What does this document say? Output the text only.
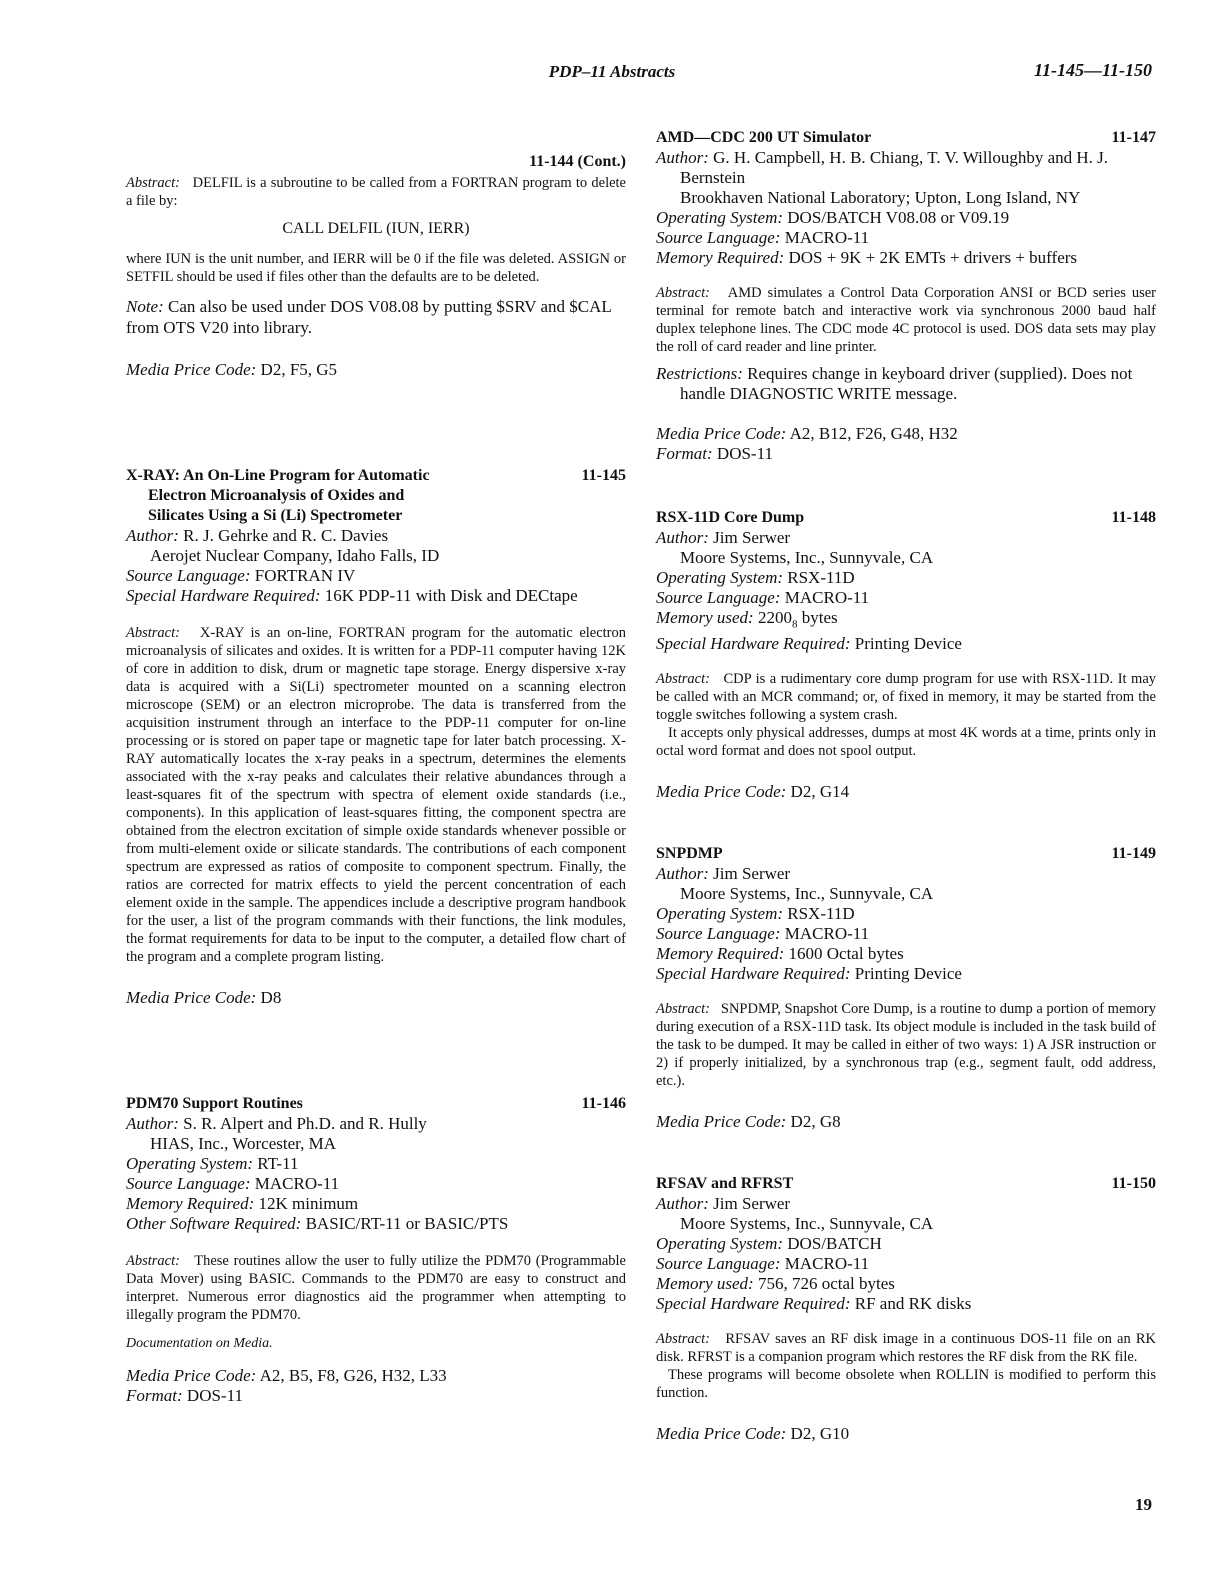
PDP–11 Abstracts	11-145—11-150
11-144 (Cont.)

Abstract: DELFIL is a subroutine to be called from a FORTRAN program to delete a file by:

CALL DELFIL (IUN, IERR)

where IUN is the unit number, and IERR will be 0 if the file was deleted. ASSIGN or SETFIL should be used if files other than the defaults are to be deleted.

Note: Can also be used under DOS V08.08 by putting $SRV and $CAL from OTS V20 into library.
Media Price Code: D2, F5, G5
X-RAY: An On-Line Program for Automatic
Electron Microanalysis of Oxides and
Silicates Using a Si (Li) Spectrometer
11-145
Author: R. J. Gehrke and R. C. Davies
Aerojet Nuclear Company, Idaho Falls, ID
Source Language: FORTRAN IV
Special Hardware Required: 16K PDP-11 with Disk and DECtape

Abstract: X-RAY is an on-line, FORTRAN program for the automatic electron microanalysis of silicates and oxides. It is written for a PDP-11 computer having 12K of core in addition to disk, drum or magnetic tape storage. Energy dispersive x-ray data is acquired with a Si(Li) spectrometer mounted on a scanning electron microscope (SEM) or an electron microprobe. The data is transferred from the acquisition instrument through an interface to the PDP-11 computer for on-line processing or is stored on paper tape or magnetic tape for later batch processing. X-RAY automatically locates the x-ray peaks in a spectrum, determines the elements associated with the x-ray peaks and calculates their relative abundances through a least-squares fit of the spectrum with spectra of element oxide standards (i.e., components). In this application of least-squares fitting, the component spectra are obtained from the electron excitation of simple oxide standards whenever possible or from multi-element oxide or silicate standards. The contributions of each component spectrum are expressed as ratios of composite to component spectrum. Finally, the ratios are corrected for matrix effects to yield the percent concentration of each element oxide in the sample. The appendices include a descriptive program handbook for the user, a list of the program commands with their functions, the link modules, the format requirements for data to be input to the computer, a detailed flow chart of the program and a complete program listing.

Media Price Code: D8
PDM70 Support Routines	11-146
Author: S. R. Alpert and Ph.D. and R. Hully
HIAS, Inc., Worcester, MA
Operating System: RT-11
Source Language: MACRO-11
Memory Required: 12K minimum
Other Software Required: BASIC/RT-11 or BASIC/PTS

Abstract: These routines allow the user to fully utilize the PDM70 (Programmable Data Mover) using BASIC. Commands to the PDM70 are easy to construct and interpret. Numerous error diagnostics aid the programmer when attempting to illegally program the PDM70.

Documentation on Media.
Media Price Code: A2, B5, F8, G26, H32, L33
Format: DOS-11
AMD—CDC 200 UT Simulator	11-147
Author: G. H. Campbell, H. B. Chiang, T. V. Willoughby and H. J. Bernstein
Brookhaven National Laboratory; Upton, Long Island, NY
Operating System: DOS/BATCH V08.08 or V09.19
Source Language: MACRO-11
Memory Required: DOS + 9K + 2K EMTs + drivers + buffers

Abstract: AMD simulates a Control Data Corporation ANSI or BCD series user terminal for remote batch and interactive work via synchronous 2000 baud half duplex telephone lines. The CDC mode 4C protocol is used. DOS data sets may play the roll of card reader and line printer.

Restrictions: Requires change in keyboard driver (supplied). Does not handle DIAGNOSTIC WRITE message.
Media Price Code: A2, B12, F26, G48, H32
Format: DOS-11
RSX-11D Core Dump	11-148
Author: Jim Serwer
Moore Systems, Inc., Sunnyvale, CA
Operating System: RSX-11D
Source Language: MACRO-11
Memory used: $2200_8$ bytes
Special Hardware Required: Printing Device

Abstract: CDP is a rudimentary core dump program for use with RSX-11D. It may be called with an MCR command; or, of fixed in memory, it may be started from the toggle switches following a system crash.

It accepts only physical addresses, dumps at most 4K words at a time, prints only in octal word format and does not spool output.

Media Price Code: D2, G14
SNPDMP	11-149
Author: Jim Serwer
Moore Systems, Inc., Sunnyvale, CA
Operating System: RSX-11D
Source Language: MACRO-11
Memory Required: 1600 Octal bytes
Special Hardware Required: Printing Device

Abstract: SNPDMP, Snapshot Core Dump, is a routine to dump a portion of memory during execution of a RSX-11D task. Its object module is included in the task build of the task to be dumped. It may be called in either of two ways: 1) A JSR instruction or 2) if properly initialized, by a synchronous trap (e.g., segment fault, odd address, etc.).

Media Price Code: D2, G8
RFSAV and RFRST	11-150
Author: Jim Serwer
Moore Systems, Inc., Sunnyvale, CA
Operating System: DOS/BATCH
Source Language: MACRO-11
Memory used: 756, 726 octal bytes
Special Hardware Required: RF and RK disks

Abstract: RFSAV saves an RF disk image in a continuous DOS-11 file on an RK disk. RFRST is a companion program which restores the RF disk from the RK file.

These programs will become obsolete when ROLLIN is modified to perform this function.

Media Price Code: D2, G10
19
